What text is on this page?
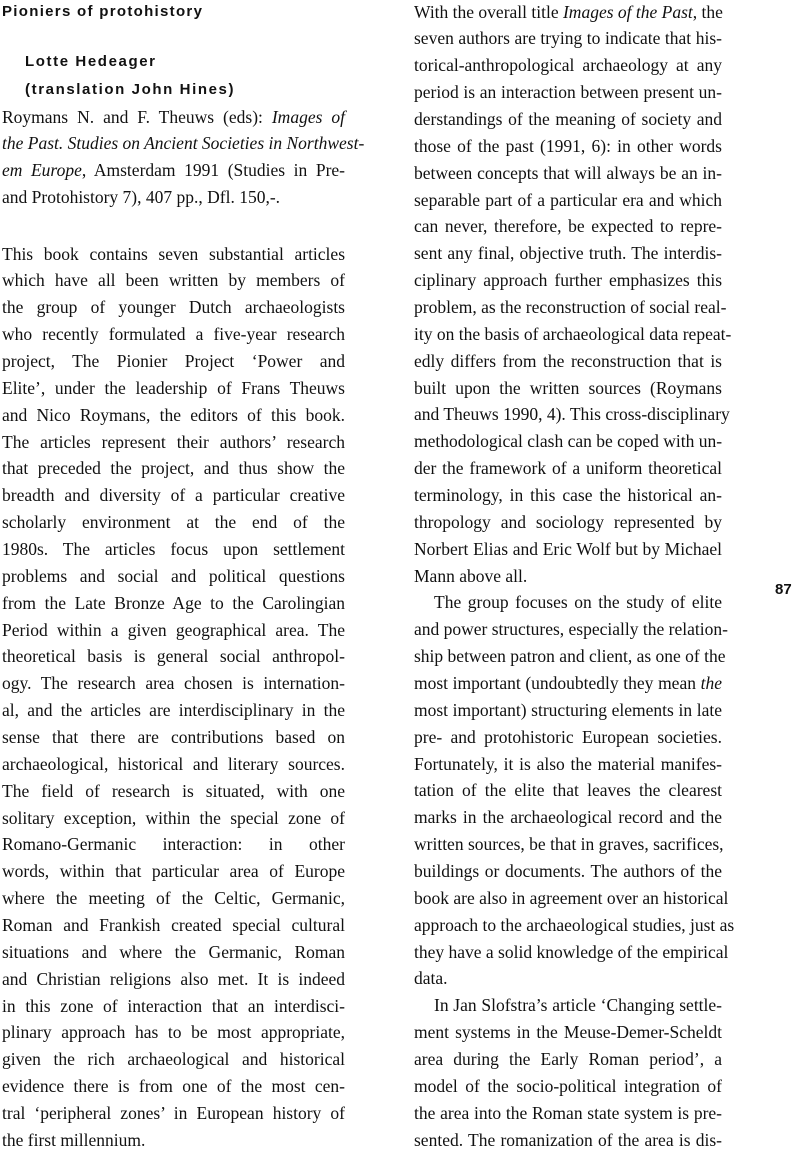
Pioniers of protohistory
Lotte Hedeager
(translation John Hines)
87
Roymans N. and F. Theuws (eds): Images of
the Past. Studies on Ancient Societies in Northwest-
em Europe, Amsterdam 1991 (Studies in Pre-
and Protohistory 7), 407 pp., Dfl. 150,-.
This book contains seven substantial articles
which have all been written by members of
the group of younger Dutch archaeologists
who recently formulated a five-year research
project, The Pionier Project ‘Power and
Elite’, under the leadership of Frans Theuws
and Nico Roymans, the editors of this book.
The articles represent their authors’ research
that preceded the project, and thus show the
breadth and diversity of a particular creative
scholarly environment at the end of the
1980s. The articles focus upon settlement
problems and social and political questions
from the Late Bronze Age to the Carolingian
Period within a given geographical area. The
theoretical basis is general social anthropol-
ogy. The research area chosen is internation-
al, and the articles are interdisciplinary in the
sense that there are contributions based on
archaeological, historical and literary sources.
The field of research is situated, with one
solitary exception, within the special zone of
Romano-Germanic interaction: in other
words, within that particular area of Europe
where the meeting of the Celtic, Germanic,
Roman and Frankish created special cultural
situations and where the Germanic, Roman
and Christian religions also met. It is indeed
in this zone of interaction that an interdisci-
plinary approach has to be most appropriate,
given the rich archaeological and historical
evidence there is from one of the most cen-
tral ‘peripheral zones’ in European history of
the first millennium.
With the overall title Images of the Past, the
seven authors are trying to indicate that his-
torical-anthropological archaeology at any
period is an interaction between present un-
derstandings of the meaning of society and
those of the past (1991, 6): in other words
between concepts that will always be an in-
separable part of a particular era and which
can never, therefore, be expected to repre-
sent any final, objective truth. The interdis-
ciplinary approach further emphasizes this
problem, as the reconstruction of social real-
ity on the basis of archaeological data repeat-
edly differs from the reconstruction that is
built upon the written sources (Roymans
and Theuws 1990, 4). This cross-disciplinary
methodological clash can be coped with un-
der the framework of a uniform theoretical
terminology, in this case the historical an-
thropology and sociology represented by
Norbert Elias and Eric Wolf but by Michael
Mann above all.
The group focuses on the study of elite
and power structures, especially the relation-
ship between patron and client, as one of the
most important (undoubtedly they mean the
most important) structuring elements in late
pre- and protohistoric European societies.
Fortunately, it is also the material manifes-
tation of the elite that leaves the clearest
marks in the archaeological record and the
written sources, be that in graves, sacrifices,
buildings or documents. The authors of the
book are also in agreement over an historical
approach to the archaeological studies, just as
they have a solid knowledge of the empirical
data.
In Jan Slofstra’s article ‘Changing settle-
ment systems in the Meuse-Demer-Scheldt
area during the Early Roman period’, a
model of the socio-political integration of
the area into the Roman state system is pre-
sented. The romanization of the area is dis-
